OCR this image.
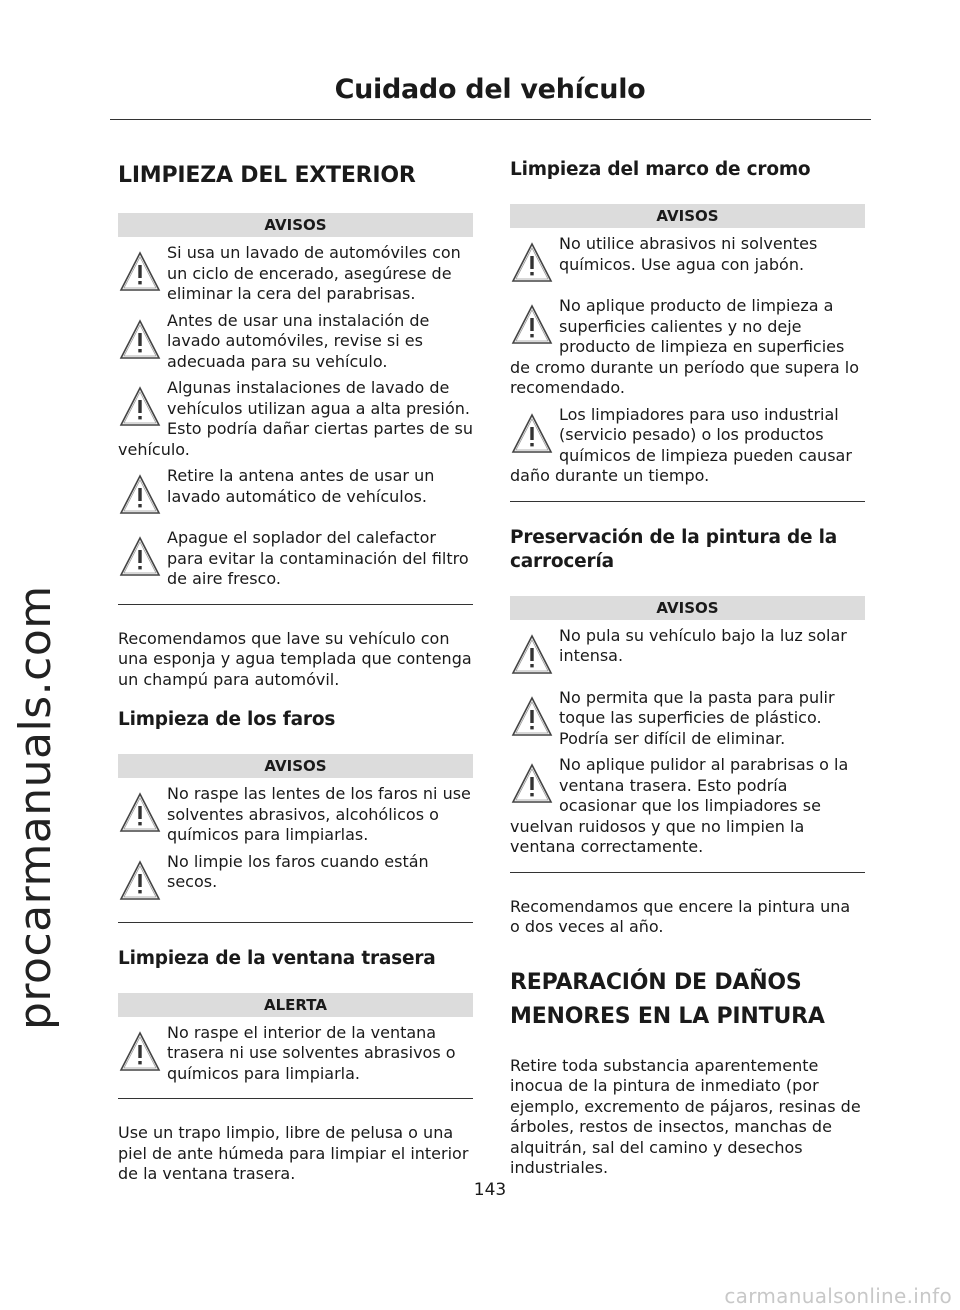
Cuidado del vehículo
procarmanuals.com
LIMPIEZA DEL EXTERIOR
AVISOS
Si usa un lavado de automóviles con un ciclo de encerado, asegúrese de eliminar la cera del parabrisas.
Antes de usar una instalación de lavado automóviles, revise si es adecuada para su vehículo.
Algunas instalaciones de lavado de vehículos utilizan agua a alta presión. Esto podría dañar ciertas partes de su vehículo.
Retire la antena antes de usar un lavado automático de vehículos.
Apague el soplador del calefactor para evitar la contaminación del filtro de aire fresco.

Recomendamos que lave su vehículo con una esponja y agua templada que contenga un champú para automóvil.

Limpieza de los faros
AVISOS
No raspe las lentes de los faros ni use solventes abrasivos, alcohólicos o químicos para limpiarlas.
No limpie los faros cuando están secos.
Limpieza de la ventana trasera
ALERTA
No raspe el interior de la ventana trasera ni use solventes abrasivos o químicos para limpiarla.

Use un trapo limpio, libre de pelusa o una piel de ante húmeda para limpiar el interior de la ventana trasera.

Limpieza del marco de cromo
AVISOS
No utilice abrasivos ni solventes químicos. Use agua con jabón.
No aplique producto de limpieza a superficies calientes y no deje producto de limpieza en superficies de cromo durante un período que supera lo recomendado.
Los limpiadores para uso industrial (servicio pesado) o los productos químicos de limpieza pueden causar daño durante un tiempo.
Preservación de la pintura de la carrocería
AVISOS
No pula su vehículo bajo la luz solar intensa.
No permita que la pasta para pulir toque las superficies de plástico. Podría ser difícil de eliminar.
No aplique pulidor al parabrisas o la ventana trasera. Esto podría ocasionar que los limpiadores se vuelvan ruidosos y que no limpien la ventana correctamente.

Recomendamos que encere la pintura una o dos veces al año.

REPARACIÓN DE DAÑOS MENORES EN LA PINTURA

Retire toda substancia aparentemente inocua de la pintura de inmediato (por ejemplo, excremento de pájaros, resinas de árboles, restos de insectos, manchas de alquitrán, sal del camino y desechos industriales.

143
carmanualsonline.info
